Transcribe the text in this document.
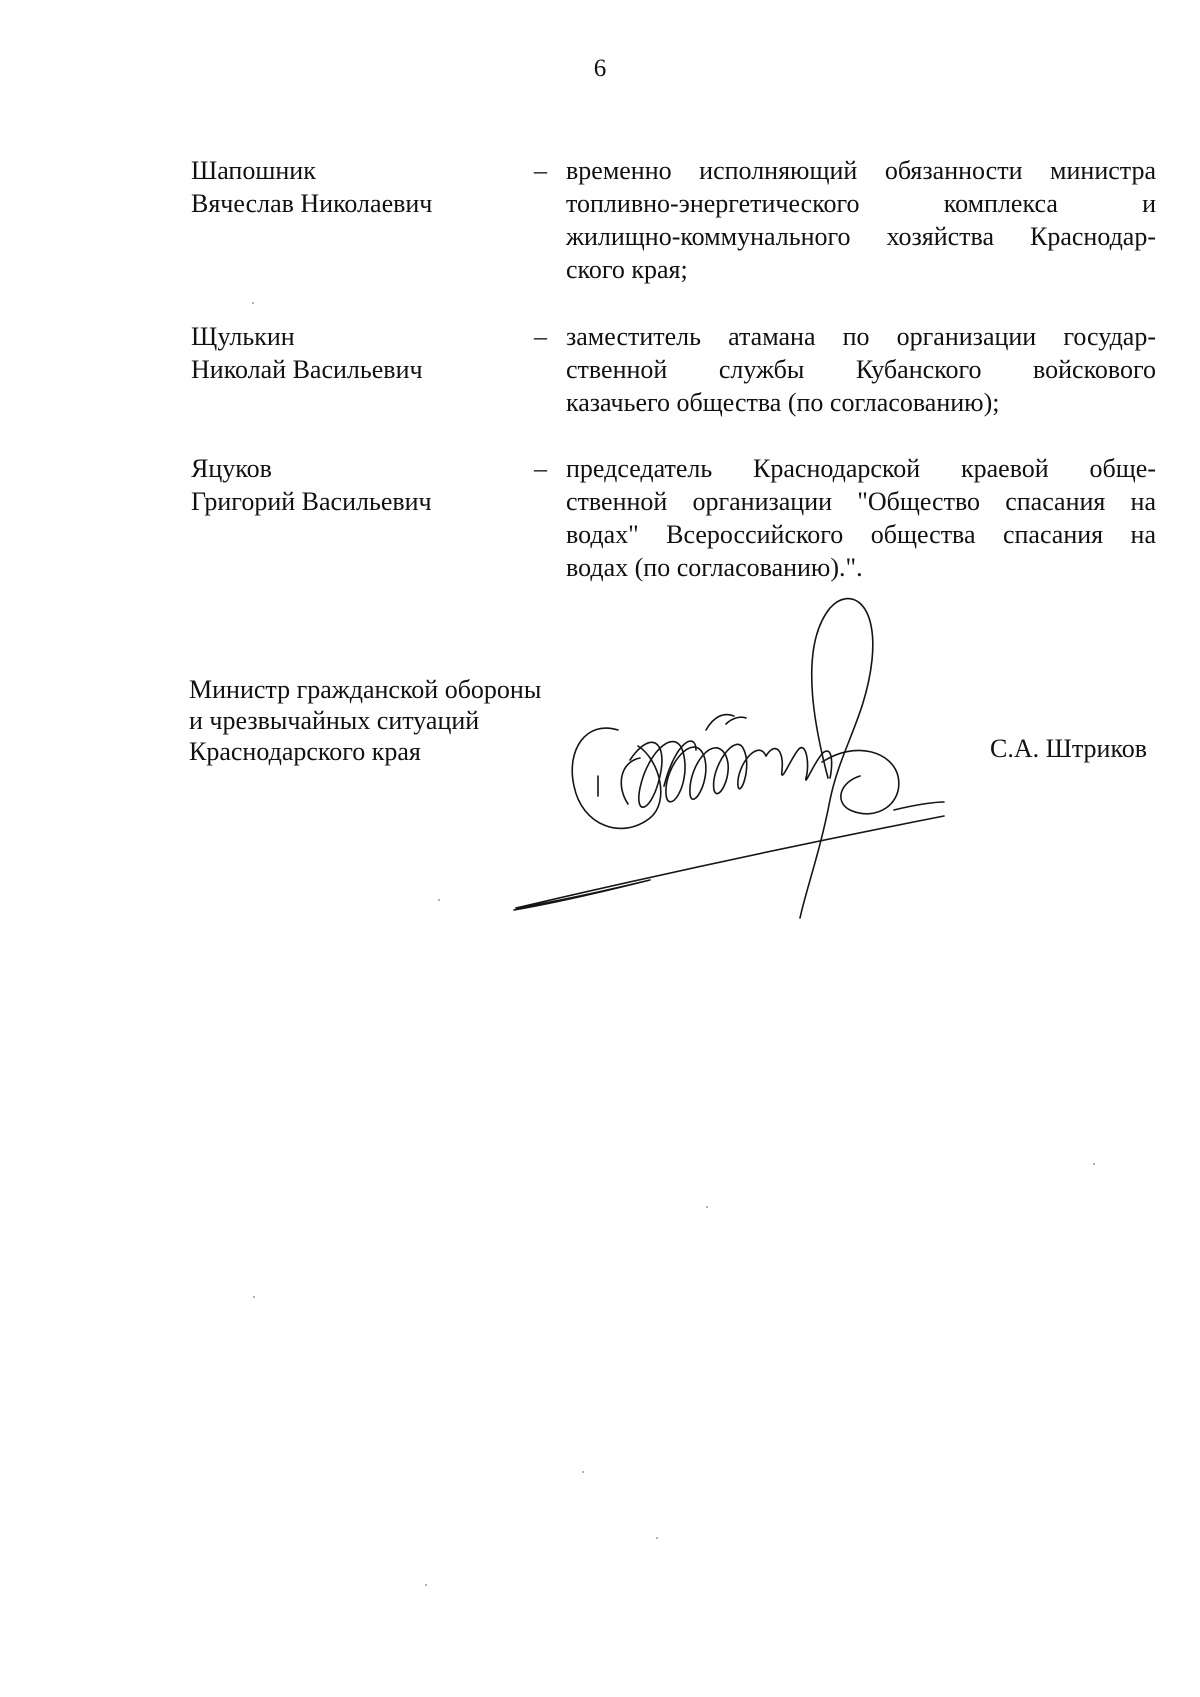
6
Шапошник
Вячеслав Николаевич
– временно исполняющий обязанности министра
топливно-энергетического комплекса и
жилищно-коммунального хозяйства Краснодар-
ского края;
Щулькин
Николай Васильевич
– заместитель атамана по организации государ-
ственной службы Кубанского войскового
казачьего общества (по согласованию);
Яцуков
Григорий Васильевич
– председатель Краснодарской краевой обще-
ственной организации "Общество спасания на
водах" Всероссийского общества спасания на
водах (по согласованию).".
Министр гражданской обороны
и чрезвычайных ситуаций
Краснодарского края	С.А. Штриков
